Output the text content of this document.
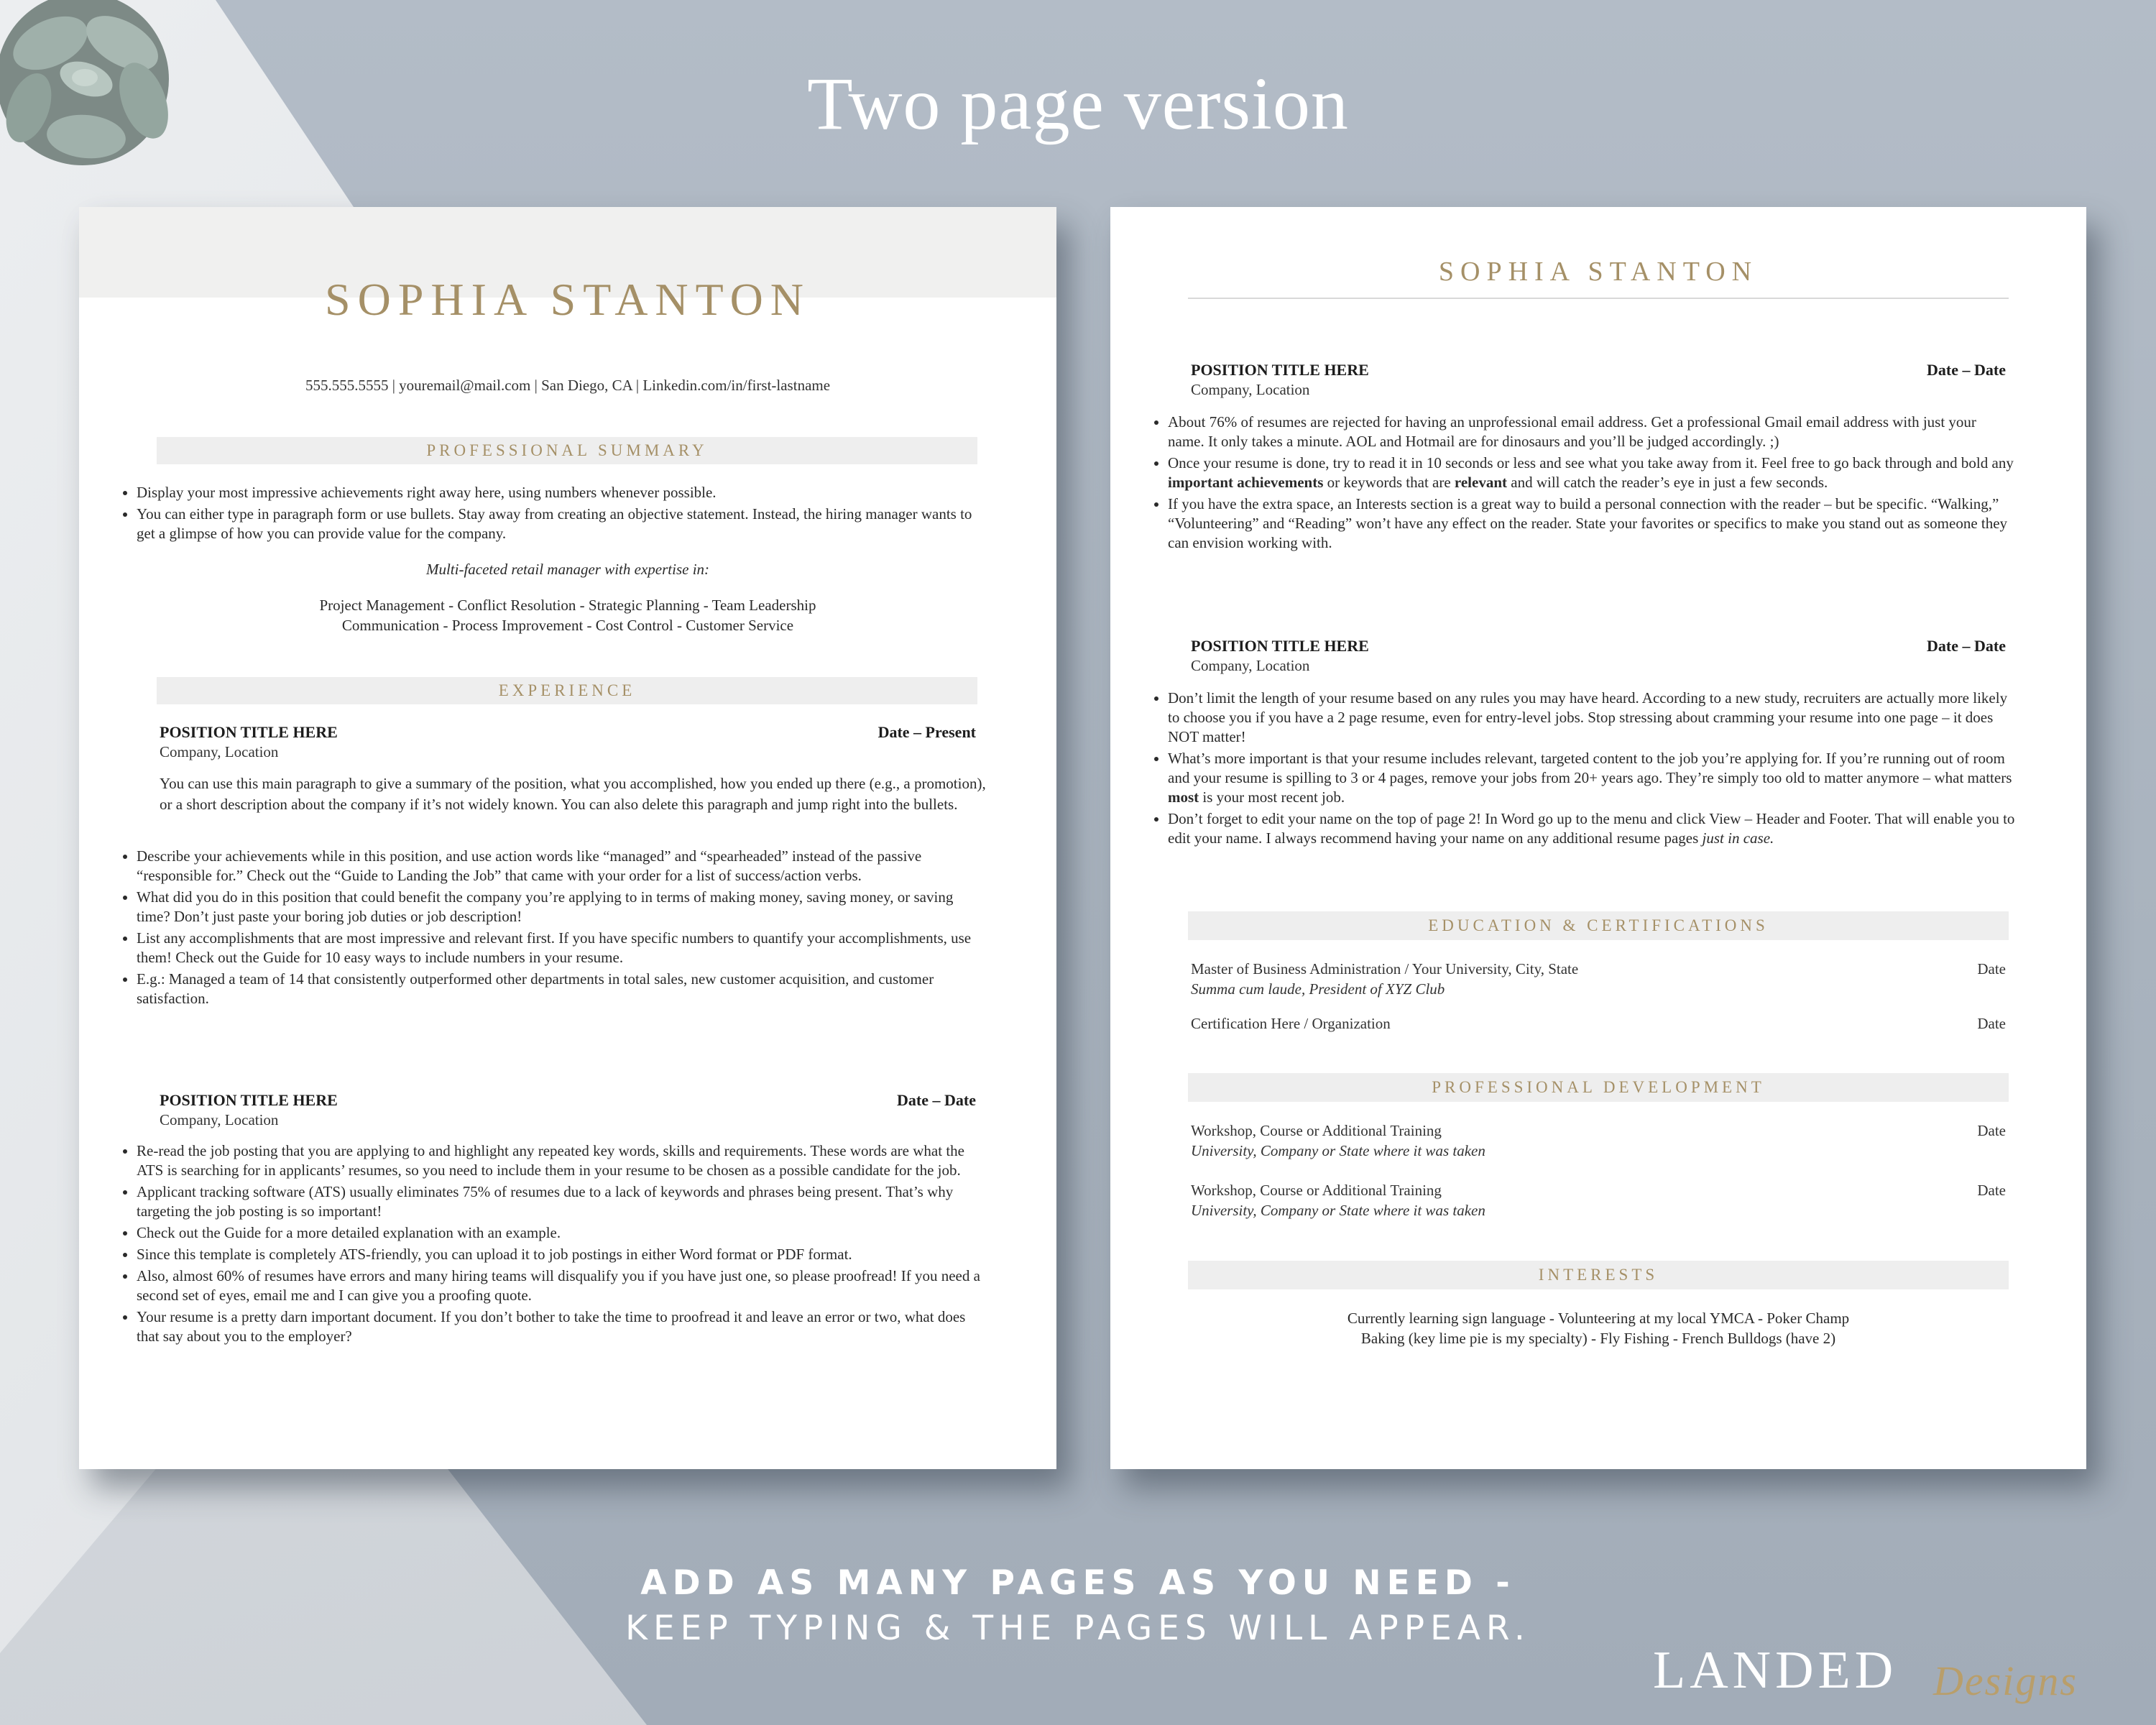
Two page version
SOPHIA STANTON
555.555.5555 | youremail@mail.com | San Diego, CA | Linkedin.com/in/first-lastname
PROFESSIONAL SUMMARY
• Display your most impressive achievements right away here, using numbers whenever possible.
• You can either type in paragraph form or use bullets. Stay away from creating an objective statement. Instead, the hiring manager wants to get a glimpse of how you can provide value for the company.
Multi-faceted retail manager with expertise in:
Project Management - Conflict Resolution - Strategic Planning - Team Leadership
Communication - Process Improvement - Cost Control - Customer Service
EXPERIENCE
POSITION TITLE HERE	Date – Present
Company, Location
You can use this main paragraph to give a summary of the position, what you accomplished, how you ended up there (e.g., a promotion), or a short description about the company if it’s not widely known. You can also delete this paragraph and jump right into the bullets.
• Describe your achievements while in this position, and use action words like “managed” and “spearheaded” instead of the passive “responsible for.” Check out the “Guide to Landing the Job” that came with your order for a list of success/action verbs.
• What did you do in this position that could benefit the company you’re applying to in terms of making money, saving money, or saving time? Don’t just paste your boring job duties or job description!
• List any accomplishments that are most impressive and relevant first. If you have specific numbers to quantify your accomplishments, use them! Check out the Guide for 10 easy ways to include numbers in your resume.
• E.g.: Managed a team of 14 that consistently outperformed other departments in total sales, new customer acquisition, and customer satisfaction.
POSITION TITLE HERE	Date – Date
Company, Location
• Re-read the job posting that you are applying to and highlight any repeated key words, skills and requirements. These words are what the ATS is searching for in applicants’ resumes, so you need to include them in your resume to be chosen as a possible candidate for the job.
• Applicant tracking software (ATS) usually eliminates 75% of resumes due to a lack of keywords and phrases being present. That’s why targeting the job posting is so important!
• Check out the Guide for a more detailed explanation with an example.
• Since this template is completely ATS-friendly, you can upload it to job postings in either Word format or PDF format.
• Also, almost 60% of resumes have errors and many hiring teams will disqualify you if you have just one, so please proofread! If you need a second set of eyes, email me and I can give you a proofing quote.
• Your resume is a pretty darn important document. If you don’t bother to take the time to proofread it and leave an error or two, what does that say about you to the employer?
SOPHIA STANTON
POSITION TITLE HERE	Date – Date
Company, Location
• About 76% of resumes are rejected for having an unprofessional email address. Get a professional Gmail email address with just your name. It only takes a minute. AOL and Hotmail are for dinosaurs and you’ll be judged accordingly. ;)
• Once your resume is done, try to read it in 10 seconds or less and see what you take away from it. Feel free to go back through and bold any important achievements or keywords that are relevant and will catch the reader’s eye in just a few seconds.
• If you have the extra space, an Interests section is a great way to build a personal connection with the reader – but be specific. “Walking,” “Volunteering” and “Reading” won’t have any effect on the reader. State your favorites or specifics to make you stand out as someone they can envision working with.
POSITION TITLE HERE	Date – Date
Company, Location
• Don’t limit the length of your resume based on any rules you may have heard. According to a new study, recruiters are actually more likely to choose you if you have a 2 page resume, even for entry-level jobs. Stop stressing about cramming your resume into one page – it does NOT matter!
• What’s more important is that your resume includes relevant, targeted content to the job you’re applying for. If you’re running out of room and your resume is spilling to 3 or 4 pages, remove your jobs from 20+ years ago. They’re simply too old to matter anymore – what matters most is your most recent job.
• Don’t forget to edit your name on the top of page 2! In Word go up to the menu and click View – Header and Footer. That will enable you to edit your name. I always recommend having your name on any additional resume pages just in case.
EDUCATION & CERTIFICATIONS
Master of Business Administration / Your University, City, State	Date
Summa cum laude, President of XYZ Club
Certification Here / Organization	Date
PROFESSIONAL DEVELOPMENT
Workshop, Course or Additional Training	Date
University, Company or State where it was taken
Workshop, Course or Additional Training	Date
University, Company or State where it was taken
INTERESTS
Currently learning sign language - Volunteering at my local YMCA - Poker Champ
Baking (key lime pie is my specialty) - Fly Fishing - French Bulldogs (have 2)
ADD AS MANY PAGES AS YOU NEED -
KEEP TYPING & THE PAGES WILL APPEAR.
LANDED Designs
